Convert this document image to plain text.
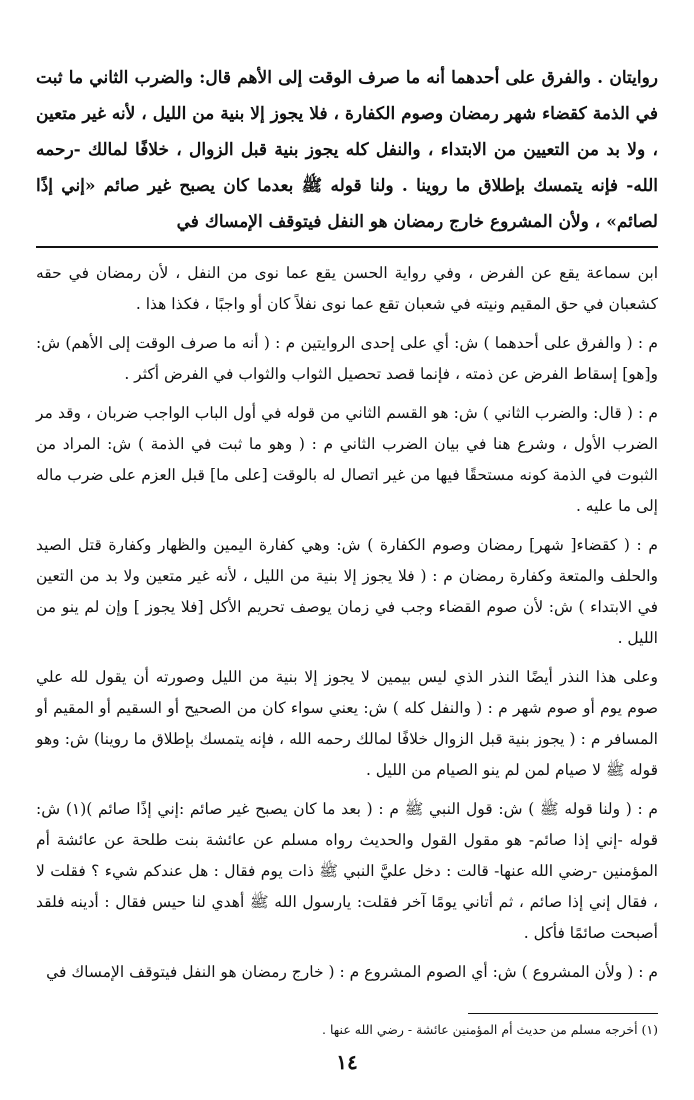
روايتان . والفرق على أحدهما أنه ما صرف الوقت إلى الأهم قال: والضرب الثاني ما ثبت في الذمة كقضاء شهر رمضان وصوم الكفارة ، فلا يجوز إلا بنية من الليل ، لأنه غير متعين ، ولا بد من التعيين من الابتداء ، والنفل كله يجوز بنية قبل الزوال ، خلافًا لمالك -رحمه الله- فإنه يتمسك بإطلاق ما روينا . ولنا قوله ﷺ بعدما كان يصبح غير صائم «إني إذًا لصائم» ، ولأن المشروع خارج رمضان هو النفل فيتوقف الإمساك في

ابن سماعة يقع عن الفرض ، وفي رواية الحسن يقع عما نوى من النفل ، لأن رمضان في حقه كشعبان في حق المقيم ونيته في شعبان تقع عما نوى نفلاً كان أو واجبًا ، فكذا هذا .

م : ( والفرق على أحدهما ) ش: أي على إحدى الروايتين م : ( أنه ما صرف الوقت إلى الأهم) ش: و[هو] إسقاط الفرض عن ذمته ، فإنما قصد تحصيل الثواب والثواب في الفرض أكثر .

م : ( قال: والضرب الثاني ) ش: هو القسم الثاني من قوله في أول الباب الواجب ضربان ، وقد مر الضرب الأول ، وشرع هنا في بيان الضرب الثاني م : ( وهو ما ثبت في الذمة ) ش: المراد من الثبوت في الذمة كونه مستحقًا فيها من غير اتصال له بالوقت [على ما] قبل العزم على ضرب ماله إلى ما عليه .

م : ( كقضاء[ شهر] رمضان وصوم الكفارة ) ش: وهي كفارة اليمين والظهار وكفارة قتل الصيد والحلف والمتعة وكفارة رمضان م : ( فلا يجوز إلا بنية من الليل ، لأنه غير متعين ولا بد من التعين في الابتداء ) ش: لأن صوم القضاء وجب في زمان يوصف تحريم الأكل [فلا يجوز ] وإن لم ينو من الليل .

وعلى هذا النذر أيضًا النذر الذي ليس بيمين لا يجوز إلا بنية من الليل وصورته أن يقول لله علي صوم يوم أو صوم شهر م : ( والنفل كله ) ش: يعني سواء كان من الصحيح أو السقيم أو المقيم أو المسافر م : ( يجوز بنية قبل الزوال خلافًا لمالك رحمه الله ، فإنه يتمسك بإطلاق ما روينا) ش: وهو قوله ﷺ لا صيام لمن لم ينو الصيام من الليل .

م : ( ولنا قوله ﷺ ) ش: قول النبي ﷺ م : ( بعد ما كان يصبح غير صائم :إني إذًا صائم )(١) ش: قوله -إني إذا صائم- هو مقول القول والحديث رواه مسلم عن عائشة بنت طلحة عن عائشة أم المؤمنين -رضي الله عنها- قالت : دخل عليَّ النبي ﷺ ذات يوم فقال : هل عندكم شيء ؟ فقلت لا ، فقال إني إذا صائم ، ثم أتاني يومًا آخر فقلت: يارسول الله ﷺ أهدي لنا حيس فقال : أدينه فلقد أصبحت صائمًا فأكل .

م : ( ولأن المشروع ) ش: أي الصوم المشروع م : ( خارج رمضان هو النفل فيتوقف الإمساك في

(١) أخرجه مسلم من حديث أم المؤمنين عائشة - رضي الله عنها .
١٤
